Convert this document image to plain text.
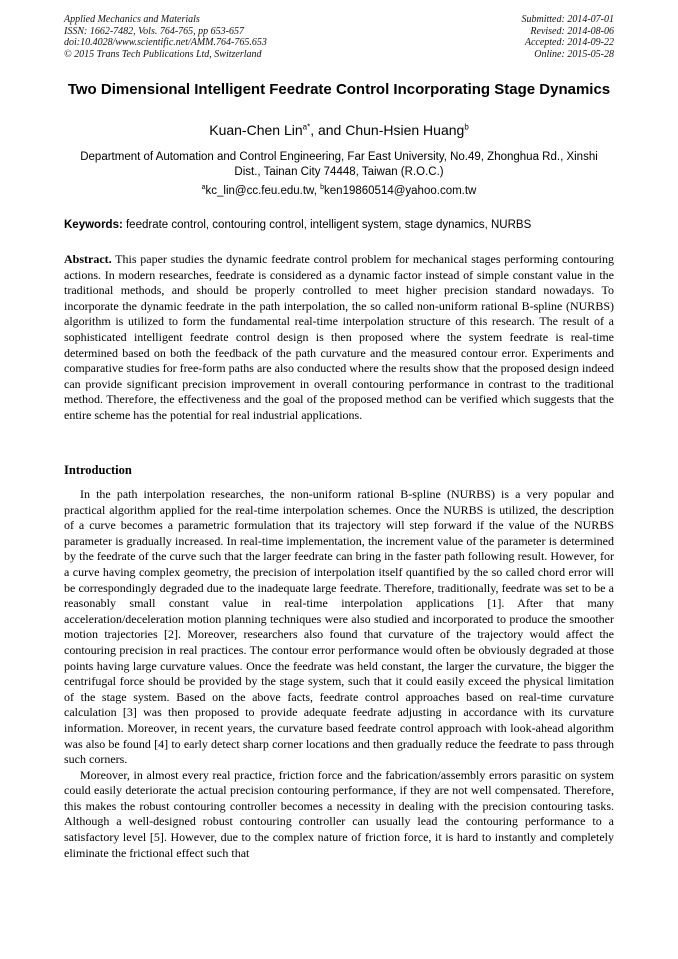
Applied Mechanics and Materials
ISSN: 1662-7482, Vols. 764-765, pp 653-657
doi:10.4028/www.scientific.net/AMM.764-765.653
© 2015 Trans Tech Publications Ltd, Switzerland
Submitted: 2014-07-01
Revised: 2014-08-06
Accepted: 2014-09-22
Online: 2015-05-28
Two Dimensional Intelligent Feedrate Control Incorporating Stage Dynamics
Kuan-Chen Lin$^{a*}$, and Chun-Hsien Huang$^b$
Department of Automation and Control Engineering, Far East University, No.49, Zhonghua Rd., Xinshi Dist., Tainan City 74448, Taiwan (R.O.C.)
$^a$kc_lin@cc.feu.edu.tw, $^b$ken19860514@yahoo.com.tw
Keywords: feedrate control, contouring control, intelligent system, stage dynamics, NURBS
Abstract. This paper studies the dynamic feedrate control problem for mechanical stages performing contouring actions. In modern researches, feedrate is considered as a dynamic factor instead of simple constant value in the traditional methods, and should be properly controlled to meet higher precision standard nowadays. To incorporate the dynamic feedrate in the path interpolation, the so called non-uniform rational B-spline (NURBS) algorithm is utilized to form the fundamental real-time interpolation structure of this research. The result of a sophisticated intelligent feedrate control design is then proposed where the system feedrate is real-time determined based on both the feedback of the path curvature and the measured contour error. Experiments and comparative studies for free-form paths are also conducted where the results show that the proposed design indeed can provide significant precision improvement in overall contouring performance in contrast to the traditional method. Therefore, the effectiveness and the goal of the proposed method can be verified which suggests that the entire scheme has the potential for real industrial applications.
Introduction

In the path interpolation researches, the non-uniform rational B-spline (NURBS) is a very popular and practical algorithm applied for the real-time interpolation schemes. Once the NURBS is utilized, the description of a curve becomes a parametric formulation that its trajectory will step forward if the value of the NURBS parameter is gradually increased. In real-time implementation, the increment value of the parameter is determined by the feedrate of the curve such that the larger feedrate can bring in the faster path following result. However, for a curve having complex geometry, the precision of interpolation itself quantified by the so called chord error will be correspondingly degraded due to the inadequate large feedrate. Therefore, traditionally, feedrate was set to be a reasonably small constant value in real-time interpolation applications [1]. After that many acceleration/deceleration motion planning techniques were also studied and incorporated to produce the smoother motion trajectories [2]. Moreover, researchers also found that curvature of the trajectory would affect the contouring precision in real practices. The contour error performance would often be obviously degraded at those points having large curvature values. Once the feedrate was held constant, the larger the curvature, the bigger the centrifugal force should be provided by the stage system, such that it could easily exceed the physical limitation of the stage system. Based on the above facts, feedrate control approaches based on real-time curvature calculation [3] was then proposed to provide adequate feedrate adjusting in accordance with its curvature information. Moreover, in recent years, the curvature based feedrate control approach with look-ahead algorithm was also be found [4] to early detect sharp corner locations and then gradually reduce the feedrate to pass through such corners.

Moreover, in almost every real practice, friction force and the fabrication/assembly errors parasitic on system could easily deteriorate the actual precision contouring performance, if they are not well compensated. Therefore, this makes the robust contouring controller becomes a necessity in dealing with the precision contouring tasks. Although a well-designed robust contouring controller can usually lead the contouring performance to a satisfactory level [5]. However, due to the complex nature of friction force, it is hard to instantly and completely eliminate the frictional effect such that
